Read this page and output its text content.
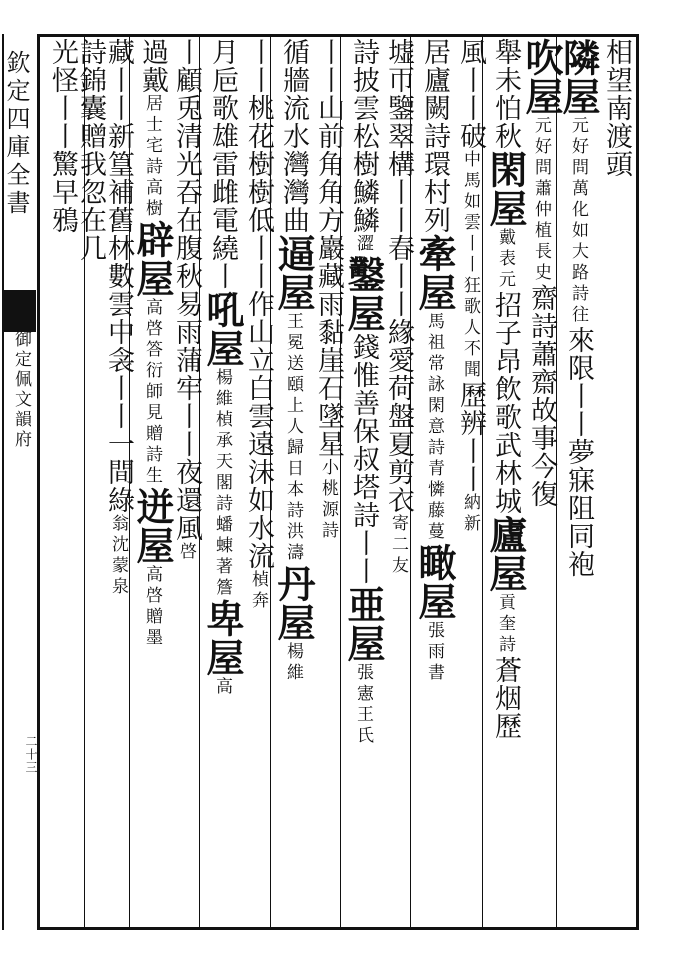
欽定四庫全書
御定佩文韻府
二十三
相望南渡頭
隣屋元好問萬化如大路詩往來限丨丨夢寐阻同袍
吹屋元好問蕭仲植長史齋詩蕭齋故事今復
舉未怕秋閑屋戴表元招子昂飲歌武林城廬屋貢奎詩蒼烟歷
風丨丨破中馬如雲丨丨狂歌人不聞歷辨丨丨納新
居廬闕詩環村列牽屋馬祖常詠閑意詩青憐藤蔓瞰屋張雨書
墟帀鑒翠構丨丨春丨丨緣愛荷盤夏剪衣寄二友
詩披雲松樹鱗鱗澀鑿屋錢惟善保叔塔詩丨丨亜屋張憲王氏
丨丨山前角角方巖藏雨黏崖石墜星小桃源詩
循牆流水灣灣曲逼屋王冕送頤上人歸日本詩洪濤丹屋楊維
丨丨桃花樹樹低丨丨作山立白雲遠沬如水流楨奔
月巵歌雄雷雌電繞丨吼屋楊維楨承天閣詩蟠蝀著簷卑屋高
丨顧兎清光吞在腹秋易雨蒲牢丨丨夜還風啓
過戴居士宅詩高樹辟屋高啓答衍師見贈詩生迸屋高啓贈墨
藏丨丨新篁補舊林數雲中衾丨丨一間綠翁沈蒙泉
詩錦囊贈我忽在几
光怪丨丨驚早鴉
